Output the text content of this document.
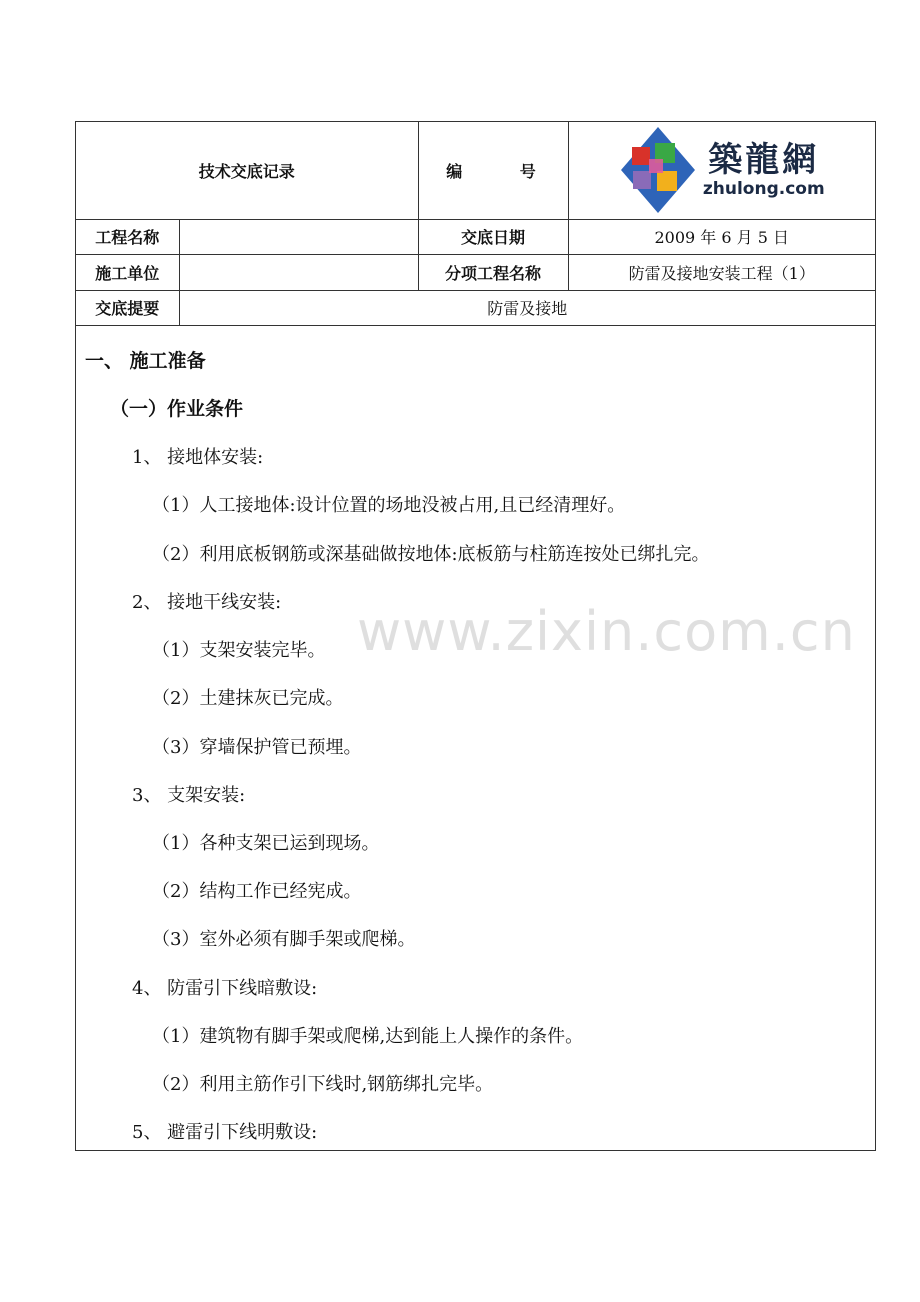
技术交底记录		编 号	築龍網
zhulong.com

工程名称		交底日期	2009 年 6 月 5 日
施工单位		分项工程名称	防雷及接地安装工程（1）
交底提要	防雷及接地		
一、 施工准备
（一）作业条件
1、 接地体安装:
（1）人工接地体:设计位置的场地没被占用,且已经清理好。
（2）利用底板钢筋或深基础做按地体:底板筋与柱筋连按处已绑扎完。
2、 接地干线安装:
（1）支架安装完毕。
（2）土建抹灰已完成。
（3）穿墙保护管已预埋。
3、 支架安装:
（1）各种支架已运到现场。
（2）结构工作已经宪成。
（3）室外必须有脚手架或爬梯。
4、 防雷引下线暗敷设:
（1）建筑物有脚手架或爬梯,达到能上人操作的条件。
（2）利用主筋作引下线时,钢筋绑扎完毕。
5、 避雷引下线明敷设:
www.zixin.com.cn
